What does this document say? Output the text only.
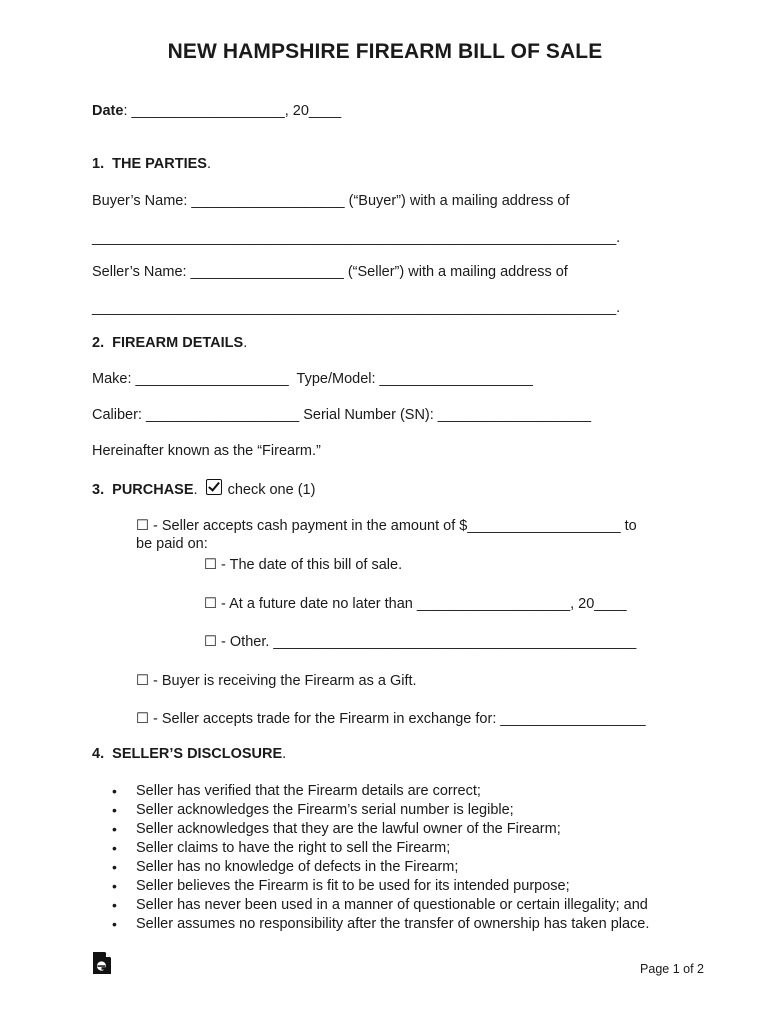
NEW HAMPSHIRE FIREARM BILL OF SALE
Date: ___________________, 20____
1.  THE PARTIES.
Buyer’s Name: ___________________ (“Buyer”) with a mailing address of
_________________________________________________________________.
Seller’s Name: ___________________ (“Seller”) with a mailing address of
_________________________________________________________________.
2.  FIREARM DETAILS.
Make: ___________________  Type/Model: ___________________
Caliber: ___________________ Serial Number (SN): ___________________
Hereinafter known as the “Firearm.”
3.  PURCHASE. check one (1)
☐ - Seller accepts cash payment in the amount of $___________________ to
be paid on:
☐ - The date of this bill of sale.
☐ - At a future date no later than ___________________, 20____
☐ - Other. _____________________________________________
☐ - Buyer is receiving the Firearm as a Gift.
☐ - Seller accepts trade for the Firearm in exchange for: __________________
4.  SELLER’S DISCLOSURE.
• Seller has verified that the Firearm details are correct;
• Seller acknowledges the Firearm’s serial number is legible;
• Seller acknowledges that they are the lawful owner of the Firearm;
• Seller claims to have the right to sell the Firearm;
• Seller has no knowledge of defects in the Firearm;
• Seller believes the Firearm is fit to be used for its intended purpose;
• Seller has never been used in a manner of questionable or certain illegality; and
• Seller assumes no responsibility after the transfer of ownership has taken place.
Page 1 of 2
